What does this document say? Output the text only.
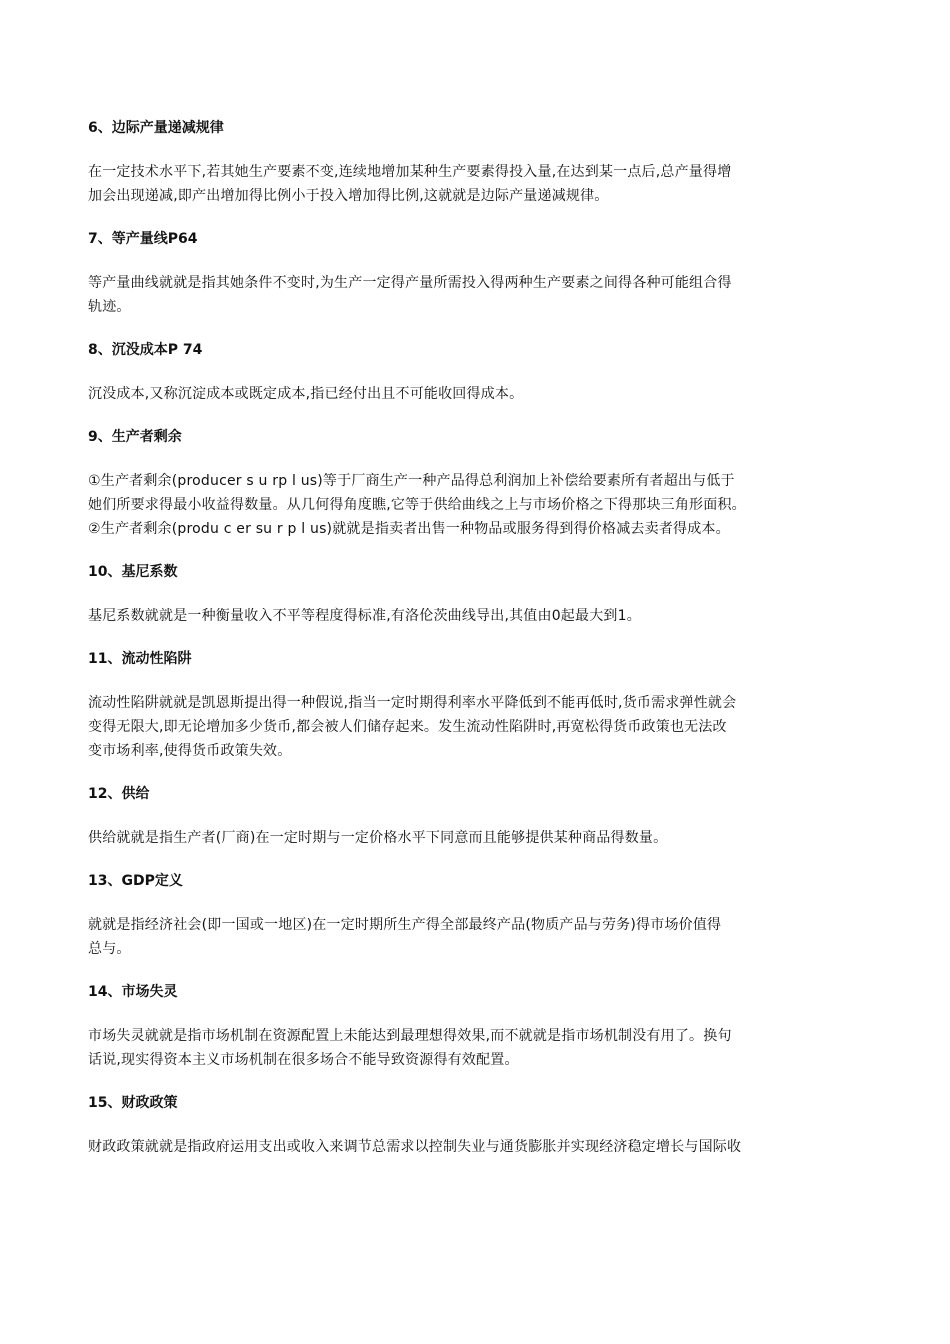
6、边际产量递减规律
在一定技术水平下,若其她生产要素不变,连续地增加某种生产要素得投入量,在达到某一点后,总产量得增
加会出现递减,即产出增加得比例小于投入增加得比例,这就就是边际产量递减规律。
7、等产量线P64
等产量曲线就就是指其她条件不变时,为生产一定得产量所需投入得两种生产要素之间得各种可能组合得
轨迹。
8、沉没成本P 74
沉没成本,又称沉淀成本或既定成本,指已经付出且不可能收回得成本。
9、生产者剩余
①生产者剩余(producer s u rp l us)等于厂商生产一种产品得总利润加上补偿给要素所有者超出与低于
她们所要求得最小收益得数量。从几何得角度瞧,它等于供给曲线之上与市场价格之下得那块三角形面积。
②生产者剩余(produ c er su r p l us)就就是指卖者出售一种物品或服务得到得价格减去卖者得成本。
10、基尼系数
基尼系数就就是一种衡量收入不平等程度得标准,有洛伦茨曲线导出,其值由0起最大到1。
11、流动性陷阱
流动性陷阱就就是凯恩斯提出得一种假说,指当一定时期得利率水平降低到不能再低时,货币需求弹性就会
变得无限大,即无论增加多少货币,都会被人们储存起来。发生流动性陷阱时,再宽松得货币政策也无法改
变市场利率,使得货币政策失效。
12、供给
供给就就是指生产者(厂商)在一定时期与一定价格水平下同意而且能够提供某种商品得数量。
13、GDP定义
就就是指经济社会(即一国或一地区)在一定时期所生产得全部最终产品(物质产品与劳务)得市场价值得
总与。
14、市场失灵
市场失灵就就是指市场机制在资源配置上未能达到最理想得效果,而不就就是指市场机制没有用了。换句
话说,现实得资本主义市场机制在很多场合不能导致资源得有效配置。
15、财政政策
财政政策就就是指政府运用支出或收入来调节总需求以控制失业与通货膨胀并实现经济稳定增长与国际收
